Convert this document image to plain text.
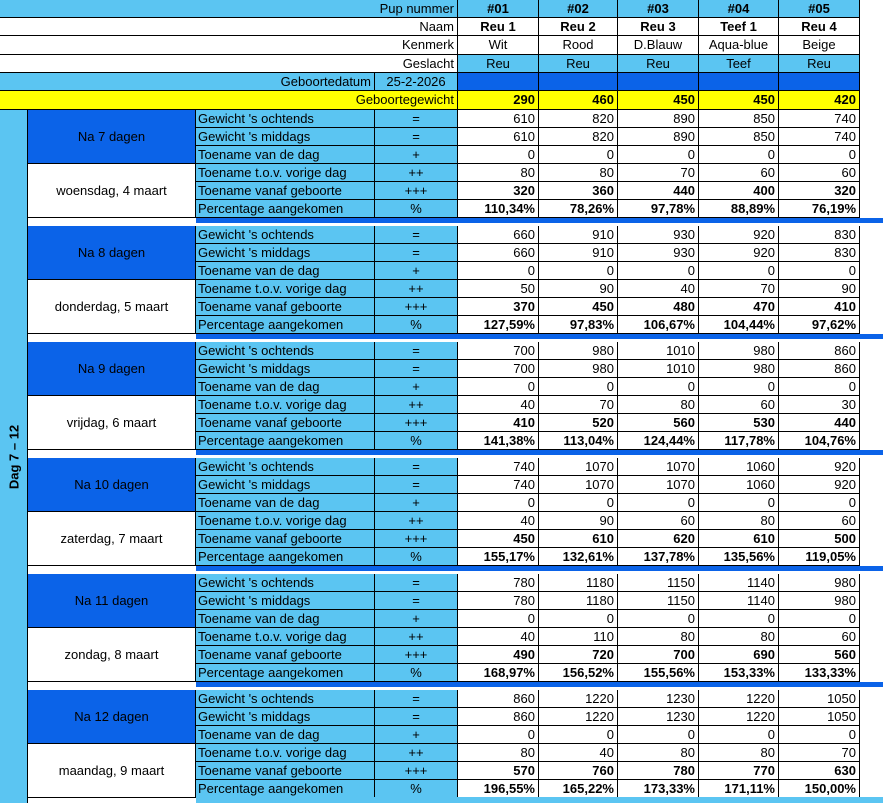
Pup nummer	#01	#02	#03	#04	#05
Naam	Reu 1	Reu 2	Reu 3	Teef 1	Reu 4
Kenmerk	Wit	Rood	D.Blauw	Aqua-blue	Beige
Geslacht	Reu	Reu	Reu	Teef	Reu
Geboortedatum	25-2-2026
Geboortegewicht	290	460	450	450	420
Dag 7 – 12
Na 7 dagen
woensdag, 4 maart
Gewicht 's ochtends	=	610	820	890	850	740
Gewicht 's middags	=	610	820	890	850	740
Toename van de dag	+	0	0	0	0	0
Toename t.o.v. vorige dag	++	80	80	70	60	60
Toename vanaf geboorte	+++	320	360	440	400	320
Percentage aangekomen	%	110,34%	78,26%	97,78%	88,89%	76,19%
Na 8 dagen
donderdag, 5 maart
Gewicht 's ochtends	=	660	910	930	920	830
Gewicht 's middags	=	660	910	930	920	830
Toename van de dag	+	0	0	0	0	0
Toename t.o.v. vorige dag	++	50	90	40	70	90
Toename vanaf geboorte	+++	370	450	480	470	410
Percentage aangekomen	%	127,59%	97,83%	106,67%	104,44%	97,62%
Na 9 dagen
vrijdag, 6 maart
Gewicht 's ochtends	=	700	980	1010	980	860
Gewicht 's middags	=	700	980	1010	980	860
Toename van de dag	+	0	0	0	0	0
Toename t.o.v. vorige dag	++	40	70	80	60	30
Toename vanaf geboorte	+++	410	520	560	530	440
Percentage aangekomen	%	141,38%	113,04%	124,44%	117,78%	104,76%
Na 10 dagen
zaterdag, 7 maart
Gewicht 's ochtends	=	740	1070	1070	1060	920
Gewicht 's middags	=	740	1070	1070	1060	920
Toename van de dag	+	0	0	0	0	0
Toename t.o.v. vorige dag	++	40	90	60	80	60
Toename vanaf geboorte	+++	450	610	620	610	500
Percentage aangekomen	%	155,17%	132,61%	137,78%	135,56%	119,05%
Na 11 dagen
zondag, 8 maart
Gewicht 's ochtends	=	780	1180	1150	1140	980
Gewicht 's middags	=	780	1180	1150	1140	980
Toename van de dag	+	0	0	0	0	0
Toename t.o.v. vorige dag	++	40	110	80	80	60
Toename vanaf geboorte	+++	490	720	700	690	560
Percentage aangekomen	%	168,97%	156,52%	155,56%	153,33%	133,33%
Na 12 dagen
maandag, 9 maart
Gewicht 's ochtends	=	860	1220	1230	1220	1050
Gewicht 's middags	=	860	1220	1230	1220	1050
Toename van de dag	+	0	0	0	0	0
Toename t.o.v. vorige dag	++	80	40	80	80	70
Toename vanaf geboorte	+++	570	760	780	770	630
Percentage aangekomen	%	196,55%	165,22%	173,33%	171,11%	150,00%
